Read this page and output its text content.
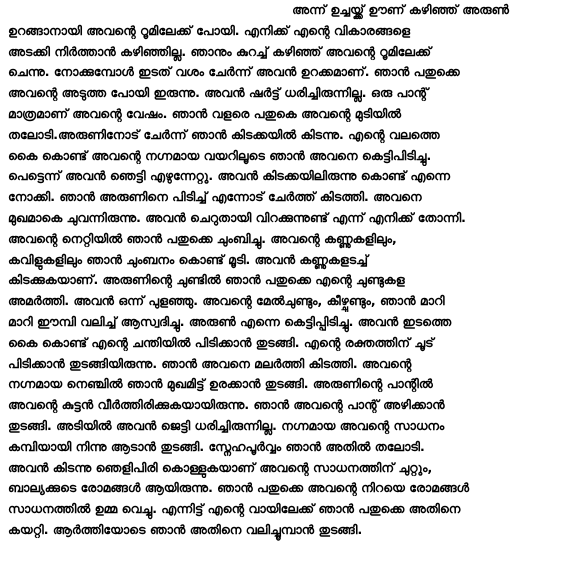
അന്ന് ഉച്ചയ്ക്ക് ഊണ് കഴിഞ്ഞ് അരുൺ
ഉറങ്ങാനായി അവന്റെ റൂമിലേക്ക് പോയി. എനിക്ക് എന്റെ വികാരങ്ങളെ
അടക്കി നിർത്താൻ കഴിഞ്ഞില്ല. ഞാനും കുറച്ച് കഴിഞ്ഞ് അവന്റെ റൂമിലേക്ക്
ചെന്നു. നോക്കുമ്പോൾ ഇടത് വശം ചേർന്ന് അവൻ ഉറക്കമാണ്. ഞാൻ പതുക്കെ
അവന്റെ അടുത്ത പോയി ഇരുന്നു. അവൻ ഷർട്ട് ധരിച്ചിരുന്നില്ല. ഒരു പാന്റ്
മാത്രമാണ് അവന്റെ വേഷം. ഞാൻ വളരെ പതുകെ അവന്റെ മുടിയിൽ
തലോടി.അരുണിനോട് ചേർന്ന് ഞാൻ കിടക്കയിൽ കിടന്നു. എന്റെ വലത്തെ
കൈ കൊണ്ട് അവന്റെ നഗ്നമായ വയറിലൂടെ ഞാൻ അവനെ കെട്ടിപിടിച്ചു.
പെട്ടെന്ന് അവൻ ഞെട്ടി എഴുന്നേറ്റു. അവൻ കിടക്കയിലിരുന്നു കൊണ്ട് എന്നെ
നോക്കി. ഞാൻ അരുണിനെ പിടിച്ച് എന്നോട് ചേർത്ത് കിടത്തി. അവനെ
മുഖമാകെ ചുവന്നിരുന്നു. അവൻ ചെറുതായി വിറക്കുന്നുണ്ട് എന്ന് എനിക്ക് തോന്നി.
അവന്റെ നെറ്റിയിൽ ഞാൻ പതുക്കെ ചുംബിച്ചു. അവന്റെ കണ്ണുകളിലും,
കവിളുകളിലും ഞാൻ ചുംബനം കൊണ്ട് മൂടി. അവൻ കണ്ണുകളടച്ച്
കിടക്കുകയാണ്. അരുണിന്റെ ചുണ്ടിൽ ഞാൻ പതുക്കെ എന്റെ ചുണ്ടുകള
അമർത്തി. അവൻ ഒന്ന് പുളഞ്ഞു. അവന്റെ മേൽചുണ്ടും, കീഴ്ചുണ്ടും, ഞാൻ മാറി
മാറി ഈമ്പി വലിച്ച് ആസ്വദിച്ചു. അരുൺ എന്നെ കെട്ടിപ്പിടിച്ചു. അവൻ ഇടത്തെ
കൈ കൊണ്ട് എന്റെ ചന്തിയിൽ പിടിക്കാൻ തുടങ്ങി. എന്റെ രക്തത്തിന് ചൂട്
പിടിക്കാൻ തുടങ്ങിയിരുന്നു. ഞാൻ അവനെ മലർത്തി കിടത്തി. അവന്റെ
നഗ്നമായ നെഞ്ചിൽ ഞാൻ മുഖമിട്ട് ഉരക്കാൻ തുടങ്ങി. അരുണിന്റെ പാന്റിൽ
അവന്റെ കുട്ടൻ വീർത്തിരിക്കുകയായിരുന്നു. ഞാൻ അവന്റെ പാന്റ് അഴിക്കാൻ
തുടങ്ങി. അടിയിൽ അവൻ ജെട്ടി ധരിച്ചിരുന്നില്ല. നഗ്നമായ അവന്റെ സാധനം
കമ്പിയായി നിന്നു ആടാൻ തുടങ്ങി. സ്നേഹപൂർവ്വം ഞാൻ അതിൽ തലോടി.
അവൻ കിടന്നു ഞെളിപിരി കൊള്ളുകയാണ് അവന്റെ സാധനത്തിന് ചുറ്റും,
ബാല്യക്കുടെ രോമങ്ങൾ ആയിരുന്നു. ഞാൻ പതുക്കെ അവന്റെ നിറയെ രോമങ്ങൾ
സാധനത്തിൽ ഉമ്മ വെച്ചു. എന്നിട്ട് എന്റെ വായിലേക്ക് ഞാൻ പതുക്കെ അതിനെ
കയറ്റി. ആർത്തിയോടെ ഞാൻ അതിനെ വലിച്ചൂമ്പാൻ തുടങ്ങി.
